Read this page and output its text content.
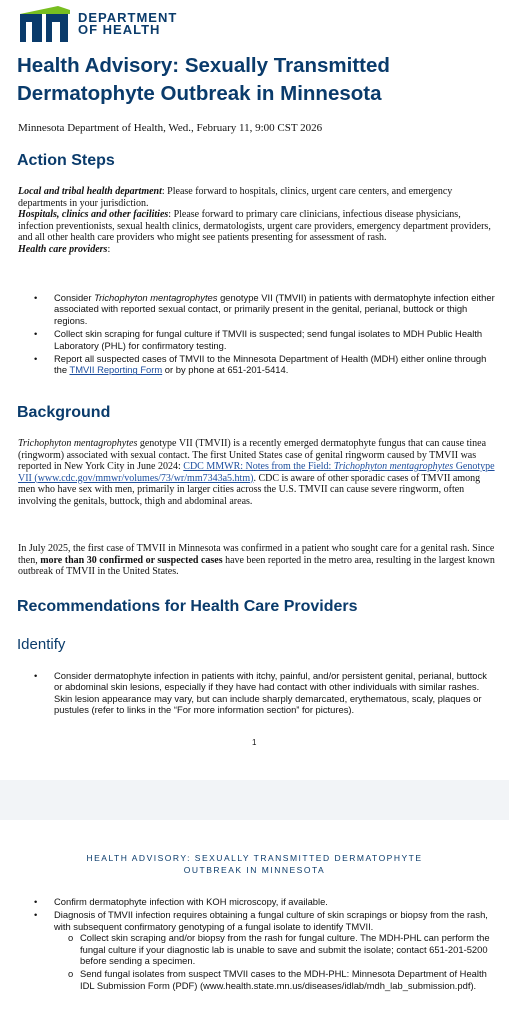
DEPARTMENT
OF HEALTH
Health Advisory: Sexually Transmitted Dermatophyte Outbreak in Minnesota
Minnesota Department of Health, Wed., February 11, 9:00 CST 2026
Action Steps
Local and tribal health department: Please forward to hospitals, clinics, urgent care centers, and emergency departments in your jurisdiction.
Hospitals, clinics and other facilities: Please forward to primary care clinicians, infectious disease physicians, infection preventionists, sexual health clinics, dermatologists, urgent care providers, emergency department providers, and all other health care providers who might see patients presenting for assessment of rash.
Health care providers:
• Consider Trichophyton mentagrophytes genotype VII (TMVII) in patients with dermatophyte infection either associated with reported sexual contact, or primarily present in the genital, perianal, buttock or thigh regions.
• Collect skin scraping for fungal culture if TMVII is suspected; send fungal isolates to MDH Public Health Laboratory (PHL) for confirmatory testing.
• Report all suspected cases of TMVII to the Minnesota Department of Health (MDH) either online through the TMVII Reporting Form or by phone at 651-201-5414.
Background
Trichophyton mentagrophytes genotype VII (TMVII) is a recently emerged dermatophyte fungus that can cause tinea (ringworm) associated with sexual contact. The first United States case of genital ringworm caused by TMVII was reported in New York City in June 2024: CDC MMWR: Notes from the Field: Trichophyton mentagrophytes Genotype VII (www.cdc.gov/mmwr/volumes/73/wr/mm7343a5.htm). CDC is aware of other sporadic cases of TMVII among men who have sex with men, primarily in larger cities across the U.S. TMVII can cause severe ringworm, often involving the genitals, buttock, thigh and abdominal areas.
In July 2025, the first case of TMVII in Minnesota was confirmed in a patient who sought care for a genital rash. Since then, more than 30 confirmed or suspected cases have been reported in the metro area, resulting in the largest known outbreak of TMVII in the United States.
Recommendations for Health Care Providers
Identify
• Consider dermatophyte infection in patients with itchy, painful, and/or persistent genital, perianal, buttock or abdominal skin lesions, especially if they have had contact with other individuals with similar rashes. Skin lesion appearance may vary, but can include sharply demarcated, erythematous, scaly, plaques or pustules (refer to links in the “For more information section” for pictures).
1
HEALTH ADVISORY: SEXUALLY TRANSMITTED DERMATOPHYTE
OUTBREAK IN MINNESOTA
• Confirm dermatophyte infection with KOH microscopy, if available.
• Diagnosis of TMVII infection requires obtaining a fungal culture of skin scrapings or biopsy from the rash, with subsequent confirmatory genotyping of a fungal isolate to identify TMVII.
o Collect skin scraping and/or biopsy from the rash for fungal culture. The MDH-PHL can perform the fungal culture if your diagnostic lab is unable to save and submit the isolate; contact 651-201-5200 before sending a specimen.
o Send fungal isolates from suspect TMVII cases to the MDH-PHL: Minnesota Department of Health IDL Submission Form (PDF) (www.health.state.mn.us/diseases/idlab/mdh_lab_submission.pdf).
